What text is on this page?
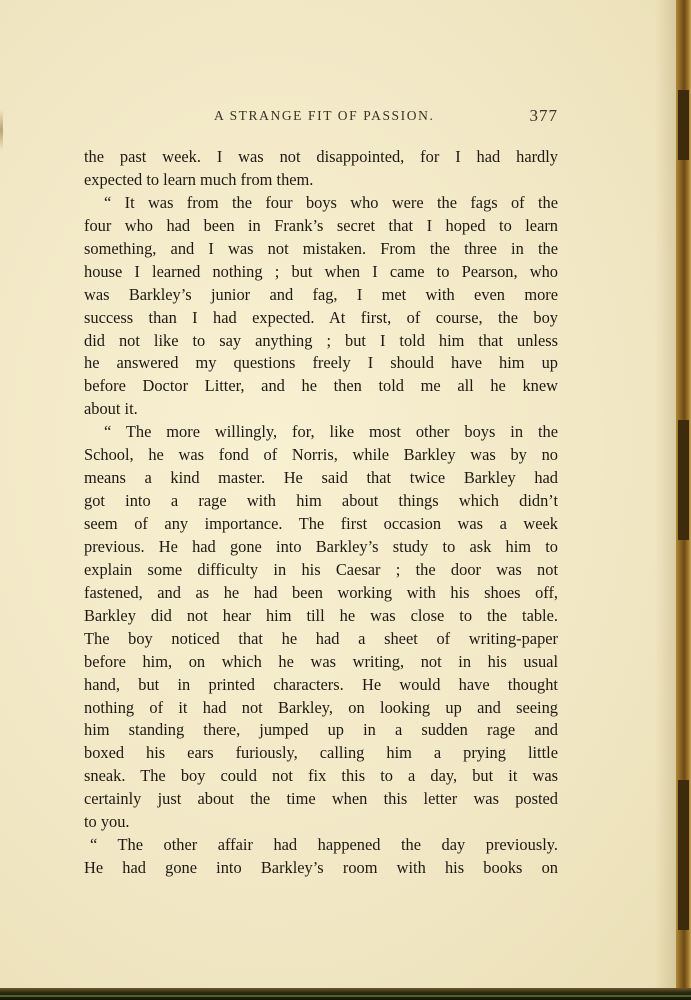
A STRANGE FIT OF PASSION.	377
the past week. I was not disappointed, for I had hardly
expected to learn much from them.
“ It was from the four boys who were the fags of the
four who had been in Frank’s secret that I hoped to learn
something, and I was not mistaken. From the three in the
house I learned nothing ; but when I came to Pearson, who
was Barkley’s junior and fag, I met with even more
success than I had expected. At first, of course, the boy
did not like to say anything ; but I told him that unless
he answered my questions freely I should have him up
before Doctor Litter, and he then told me all he knew
about it.
“ The more willingly, for, like most other boys in the
School, he was fond of Norris, while Barkley was by no
means a kind master. He said that twice Barkley had
got into a rage with him about things which didn’t
seem of any importance. The first occasion was a week
previous. He had gone into Barkley’s study to ask him to
explain some difficulty in his Caesar ; the door was not
fastened, and as he had been working with his shoes off,
Barkley did not hear him till he was close to the table.
The boy noticed that he had a sheet of writing-paper
before him, on which he was writing, not in his usual
hand, but in printed characters. He would have thought
nothing of it had not Barkley, on looking up and seeing
him standing there, jumped up in a sudden rage and
boxed his ears furiously, calling him a prying little
sneak. The boy could not fix this to a day, but it was
certainly just about the time when this letter was posted
to you.
“ The other affair had happened the day previously.
He had gone into Barkley’s room with his books on
